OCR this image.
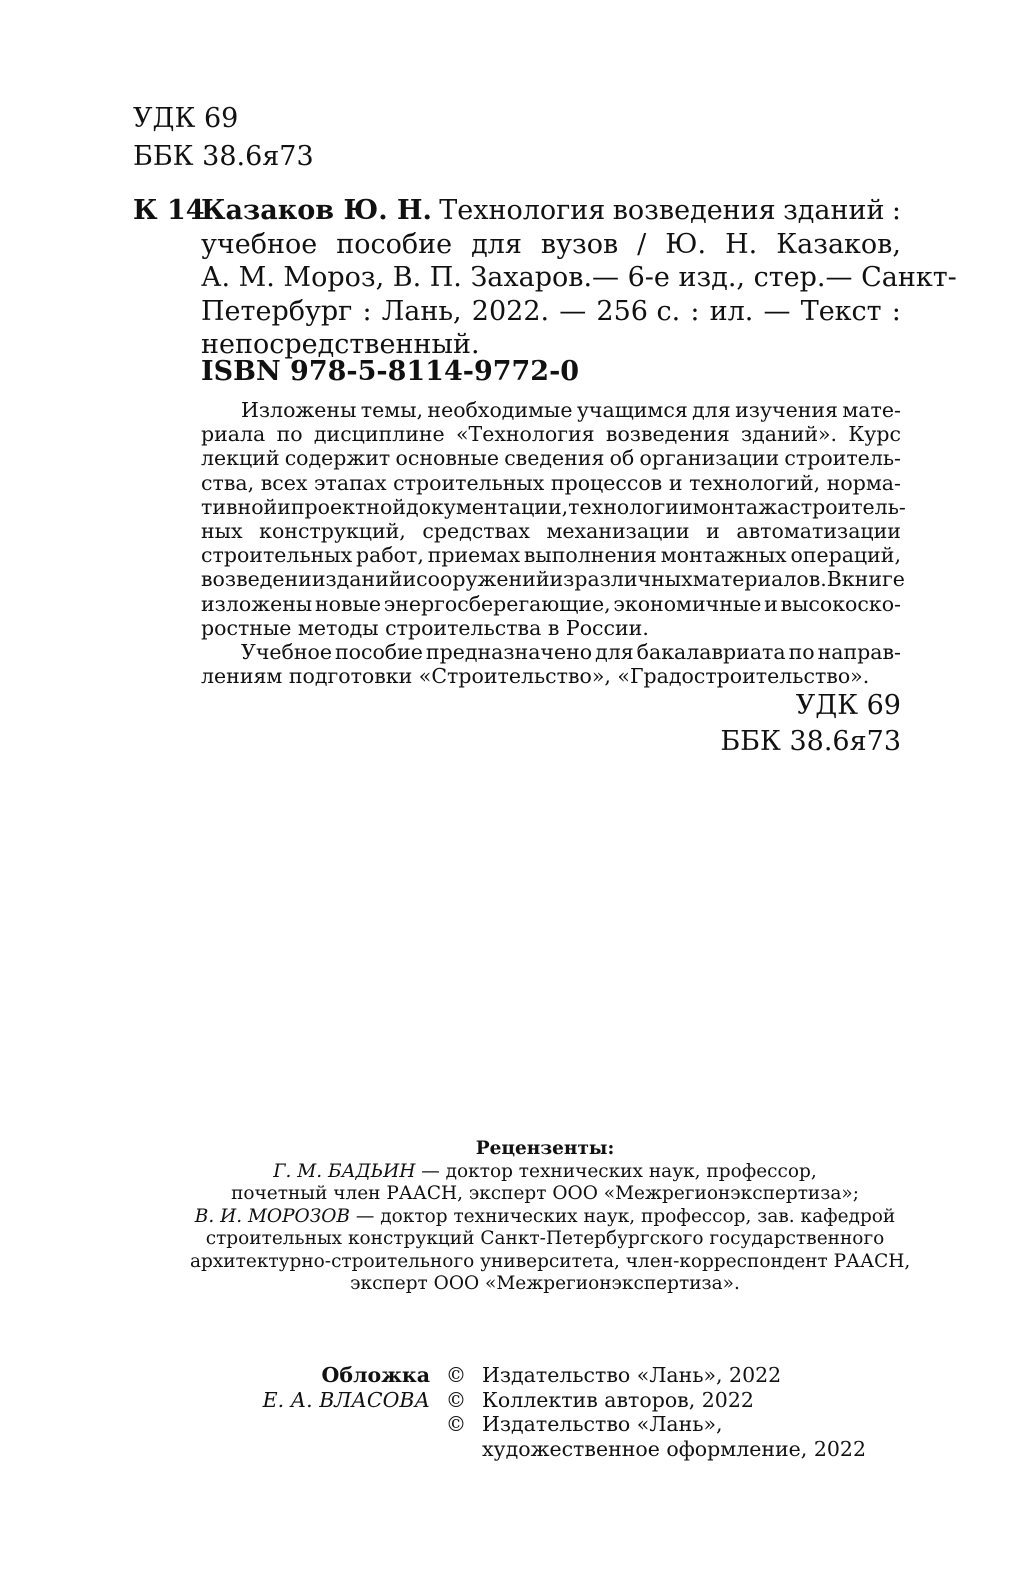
УДК 69
ББК 38.6я73
К 14
Казаков Ю. Н. Технология возведения зданий :
учебное пособие для вузов / Ю. Н. Казаков,
А. М. Мороз, В. П. Захаров. — 6-е изд., стер. — Санкт-
Петербург : Лань, 2022. — 256 с. : ил. — Текст :
непосредственный.
ISBN 978-5-8114-9772-0
Изложены темы, необходимые учащимся для изучения мате-
риала по дисциплине «Технология возведения зданий». Курс
лекций содержит основные сведения об организации строитель-
ства, всех этапах строительных процессов и технологий, норма-
тивной и проектной документации, технологии монтажа строитель-
ных конструкций, средствах механизации и автоматизации
строительных работ, приемах выполнения монтажных операций,
возведении зданий и сооружений из различных материалов. В книге
изложены новые энергосберегающие, экономичные и высокоско-
ростные методы строительства в России.
Учебное пособие предназначено для бакалавриата по направ-
лениям подготовки «Строительство», «Градостроительство».
УДК 69
ББК 38.6я73
Рецензенты:
Г. М. БАДЬИН — доктор технических наук, профессор,
почетный член РААСН, эксперт ООО «Межрегионэкспертиза»;
В. И. МОРОЗОВ — доктор технических наук, профессор, зав. кафедрой
строительных конструкций Санкт-Петербургского государственного
архитектурно-строительного университета, член-корреспондент РААСН,
эксперт ООО «Межрегионэкспертиза».
Обложка © Издательство «Лань», 2022
Е. А. ВЛАСОВА © Коллектив авторов, 2022
© Издательство «Лань»,
художественное оформление, 2022
